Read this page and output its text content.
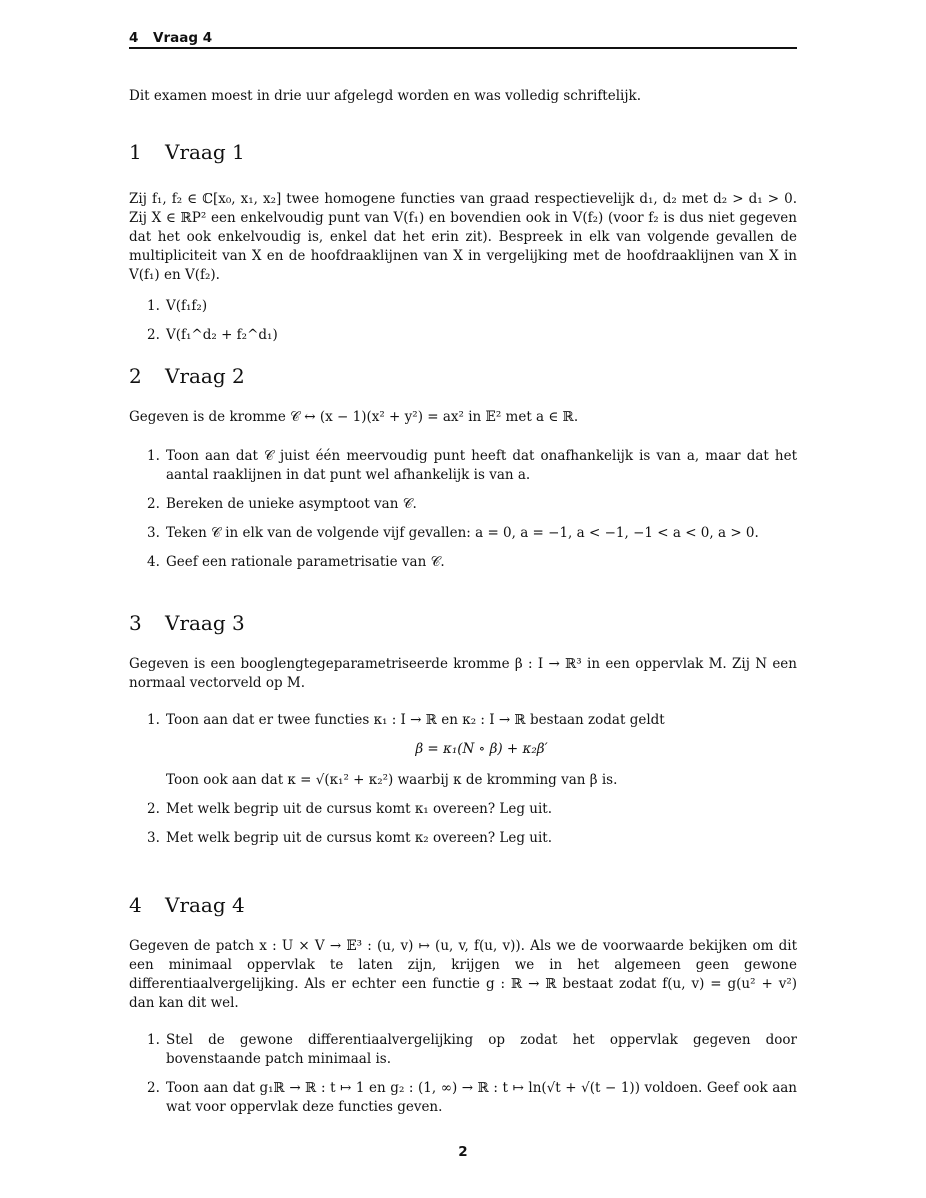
4 Vraag 4
Dit examen moest in drie uur afgelegd worden en was volledig schriftelijk.
1 Vraag 1

Zij f₁, f₂ ∈ ℂ[x₀, x₁, x₂] twee homogene functies van graad respectievelijk d₁, d₂ met d₂ > d₁ > 0. Zij X ∈ ℝP² een enkelvoudig punt van V(f₁) en bovendien ook in V(f₂) (voor f₂ is dus niet gegeven dat het ook enkelvoudig is, enkel dat het erin zit). Bespreek in elk van volgende gevallen de multipliciteit van X en de hoofdraaklijnen van X in vergelijking met de hoofdraaklijnen van X in V(f₁) en V(f₂).

1. V(f₁f₂)
2. V(f₁^d₂ + f₂^d₁)
2 Vraag 2

Gegeven is de kromme 𝒞 ↔ (x − 1)(x² + y²) = ax² in 𝔼² met a ∈ ℝ.

1. Toon aan dat 𝒞 juist één meervoudig punt heeft dat onafhankelijk is van a, maar dat het aantal raaklijnen in dat punt wel afhankelijk is van a.
2. Bereken de unieke asymptoot van 𝒞.
3. Teken 𝒞 in elk van de volgende vijf gevallen: a = 0, a = −1, a < −1, −1 < a < 0, a > 0.
4. Geef een rationale parametrisatie van 𝒞.
3 Vraag 3

Gegeven is een booglengtegeparametriseerde kromme β : I → ℝ³ in een oppervlak M. Zij N een normaal vectorveld op M.

1. Toon aan dat er twee functies κ₁ : I → ℝ en κ₂ : I → ℝ bestaan zodat geldt
β = κ₁(N ∘ β) + κ₂β′
Toon ook aan dat κ = √(κ₁² + κ₂²) waarbij κ de kromming van β is.
2. Met welk begrip uit de cursus komt κ₁ overeen? Leg uit.
3. Met welk begrip uit de cursus komt κ₂ overeen? Leg uit.
4 Vraag 4

Gegeven de patch x : U × V → 𝔼³ : (u, v) ↦ (u, v, f(u, v)). Als we de voorwaarde bekijken om dit een minimaal oppervlak te laten zijn, krijgen we in het algemeen geen gewone differentiaalvergelijking. Als er echter een functie g : ℝ → ℝ bestaat zodat f(u, v) = g(u² + v²) dan kan dit wel.

1. Stel de gewone differentiaalvergelijking op zodat het oppervlak gegeven door bovenstaande patch minimaal is.
2. Toon aan dat g₁ℝ → ℝ : t ↦ 1 en g₂ : (1, ∞) → ℝ : t ↦ ln(√t + √(t − 1)) voldoen. Geef ook aan wat voor oppervlak deze functies geven.
2
